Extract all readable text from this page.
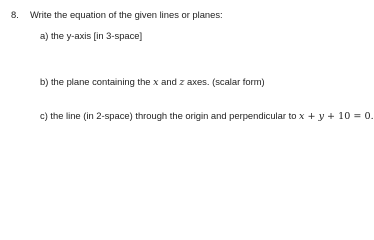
8. Write the equation of the given lines or planes:
a) the y-axis [in 3-space]
b) the plane containing the x and z axes. (scalar form)
c) the line (in 2-space) through the origin and perpendicular to x + y + 10 = 0.
